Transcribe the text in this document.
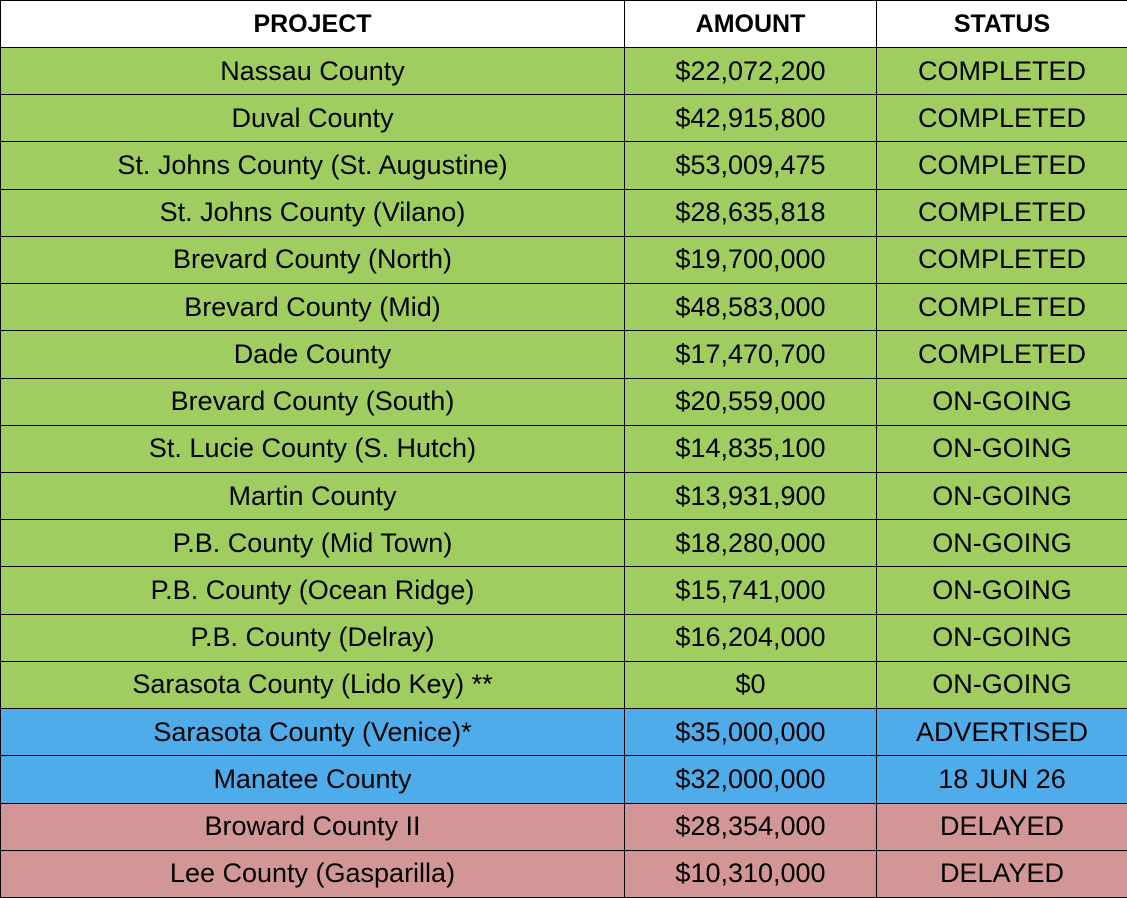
PROJECT	AMOUNT	STATUS
Nassau County	$22,072,200	COMPLETED
Duval County	$42,915,800	COMPLETED
St. Johns County (St. Augustine)	$53,009,475	COMPLETED
St. Johns County (Vilano)	$28,635,818	COMPLETED
Brevard County (North)	$19,700,000	COMPLETED
Brevard County (Mid)	$48,583,000	COMPLETED
Dade County	$17,470,700	COMPLETED
Brevard County (South)	$20,559,000	ON-GOING
St. Lucie County (S. Hutch)	$14,835,100	ON-GOING
Martin County	$13,931,900	ON-GOING
P.B. County (Mid Town)	$18,280,000	ON-GOING
P.B. County (Ocean Ridge)	$15,741,000	ON-GOING
P.B. County (Delray)	$16,204,000	ON-GOING
Sarasota County (Lido Key) **	$0	ON-GOING
Sarasota County (Venice)*	$35,000,000	ADVERTISED
Manatee County	$32,000,000	18 JUN 26
Broward County II	$28,354,000	DELAYED
Lee County (Gasparilla)	$10,310,000	DELAYED
